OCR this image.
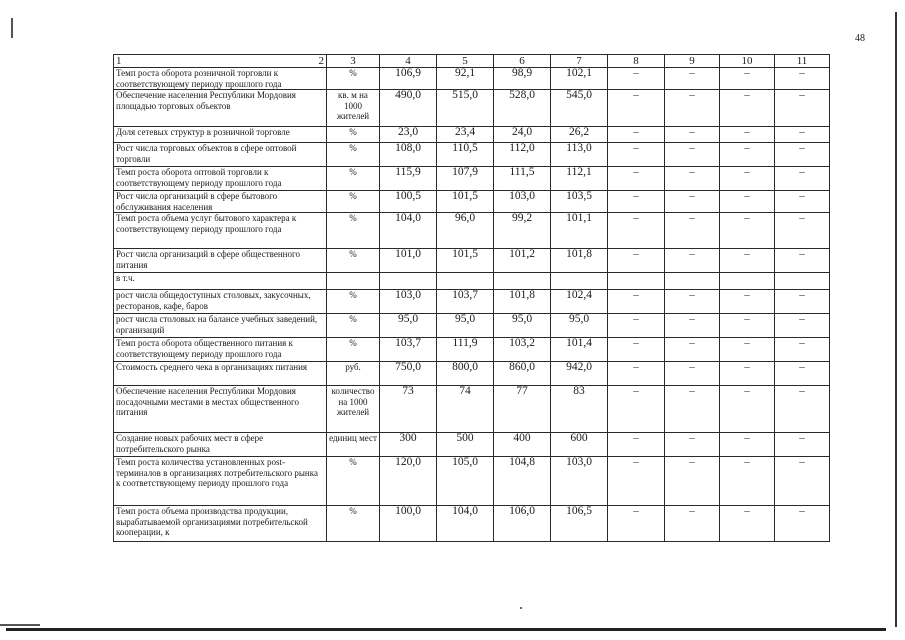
48
1 2	3	4	5	6	7	8	9	10	11
Темп роста оборота розничной торговли к соответствующему периоду прошлого года	%	106,9	92,1	98,9	102,1	–	–	–	–
Обеспечение населения Республики Мордовия площадью торговых объектов	кв. м на 1000 жителей	490,0	515,0	528,0	545,0	–	–	–	–
Доля сетевых структур в розничной торговле	%	23,0	23,4	24,0	26,2	–	–	–	–
Рост числа торговых объектов в сфере оптовой торговли	%	108,0	110,5	112,0	113,0	–	–	–	–
Темп роста оборота оптовой торговли к соответствующему периоду прошлого года	%	115,9	107,9	111,5	112,1	–	–	–	–
Рост числа организаций в сфере бытового обслуживания населения	%	100,5	101,5	103,0	103,5	–	–	–	–
Темп роста объема услуг бытового характера к соответствующему периоду прошлого года	%	104,0	96,0	99,2	101,1	–	–	–	–
Рост числа организаций в сфере общественного питания	%	101,0	101,5	101,2	101,8	–	–	–	–
в т.ч.									
рост числа общедоступных столовых, закусочных, ресторанов, кафе, баров	%	103,0	103,7	101,8	102,4	–	–	–	–
рост числа столовых на балансе учебных заведений, организаций	%	95,0	95,0	95,0	95,0	–	–	–	–
Темп роста оборота общественного питания к соответствующему периоду прошлого года	%	103,7	111,9	103,2	101,4	–	–	–	–
Стоимость среднего чека в организациях питания	руб.	750,0	800,0	860,0	942,0	–	–	–	–
Обеспечение населения Республики Мордовия посадочными местами в местах общественного питания	количество на 1000 жителей	73	74	77	83	–	–	–	–
Создание новых рабочих мест в сфере потребительского рынка	единиц мест	300	500	400	600	–	–	–	–
Темп роста количества установленных post-терминалов в организациях потребительского рынка к соответствующему периоду прошлого года	%	120,0	105,0	104,8	103,0	–	–	–	–
Темп роста объема производства продукции, вырабатываемой организациями потребительской кооперации, к	%	100,0	104,0	106,0	106,5	–	–	–	–
